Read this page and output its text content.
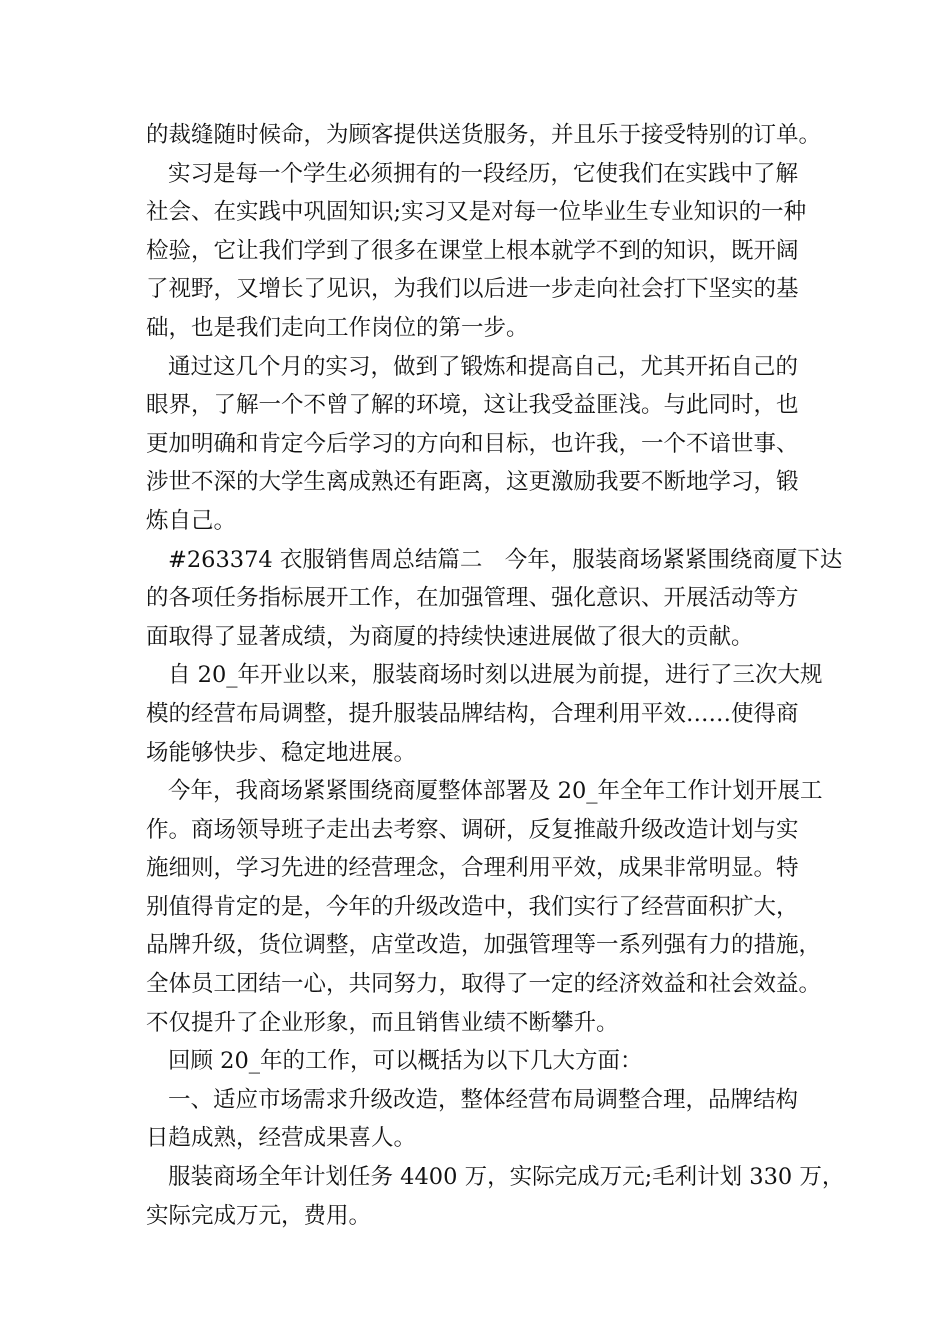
的裁缝随时候命，为顾客提供送货服务，并且乐于接受特别的订单。
实习是每一个学生必须拥有的一段经历，它使我们在实践中了解
社会、在实践中巩固知识;实习又是对每一位毕业生专业知识的一种
检验，它让我们学到了很多在课堂上根本就学不到的知识，既开阔
了视野，又增长了见识，为我们以后进一步走向社会打下坚实的基
础，也是我们走向工作岗位的第一步。
通过这几个月的实习，做到了锻炼和提高自己，尤其开拓自己的
眼界，了解一个不曾了解的环境，这让我受益匪浅。与此同时，也
更加明确和肯定今后学习的方向和目标，也许我，一个不谙世事、
涉世不深的大学生离成熟还有距离，这更激励我要不断地学习，锻
炼自己。
#263374 衣服销售周总结篇二　今年，服装商场紧紧围绕商厦下达
的各项任务指标展开工作，在加强管理、强化意识、开展活动等方
面取得了显著成绩，为商厦的持续快速进展做了很大的贡献。
自 20_年开业以来，服装商场时刻以进展为前提，进行了三次大规
模的经营布局调整，提升服装品牌结构，合理利用平效……使得商
场能够快步、稳定地进展。
今年，我商场紧紧围绕商厦整体部署及 20_年全年工作计划开展工
作。商场领导班子走出去考察、调研，反复推敲升级改造计划与实
施细则，学习先进的经营理念，合理利用平效，成果非常明显。特
别值得肯定的是，今年的升级改造中，我们实行了经营面积扩大，
品牌升级，货位调整，店堂改造，加强管理等一系列强有力的措施，
全体员工团结一心，共同努力，取得了一定的经济效益和社会效益。
不仅提升了企业形象，而且销售业绩不断攀升。
回顾 20_年的工作，可以概括为以下几大方面：
一、适应市场需求升级改造，整体经营布局调整合理，品牌结构
日趋成熟，经营成果喜人。
服装商场全年计划任务 4400 万，实际完成万元;毛利计划 330 万，
实际完成万元，费用。
